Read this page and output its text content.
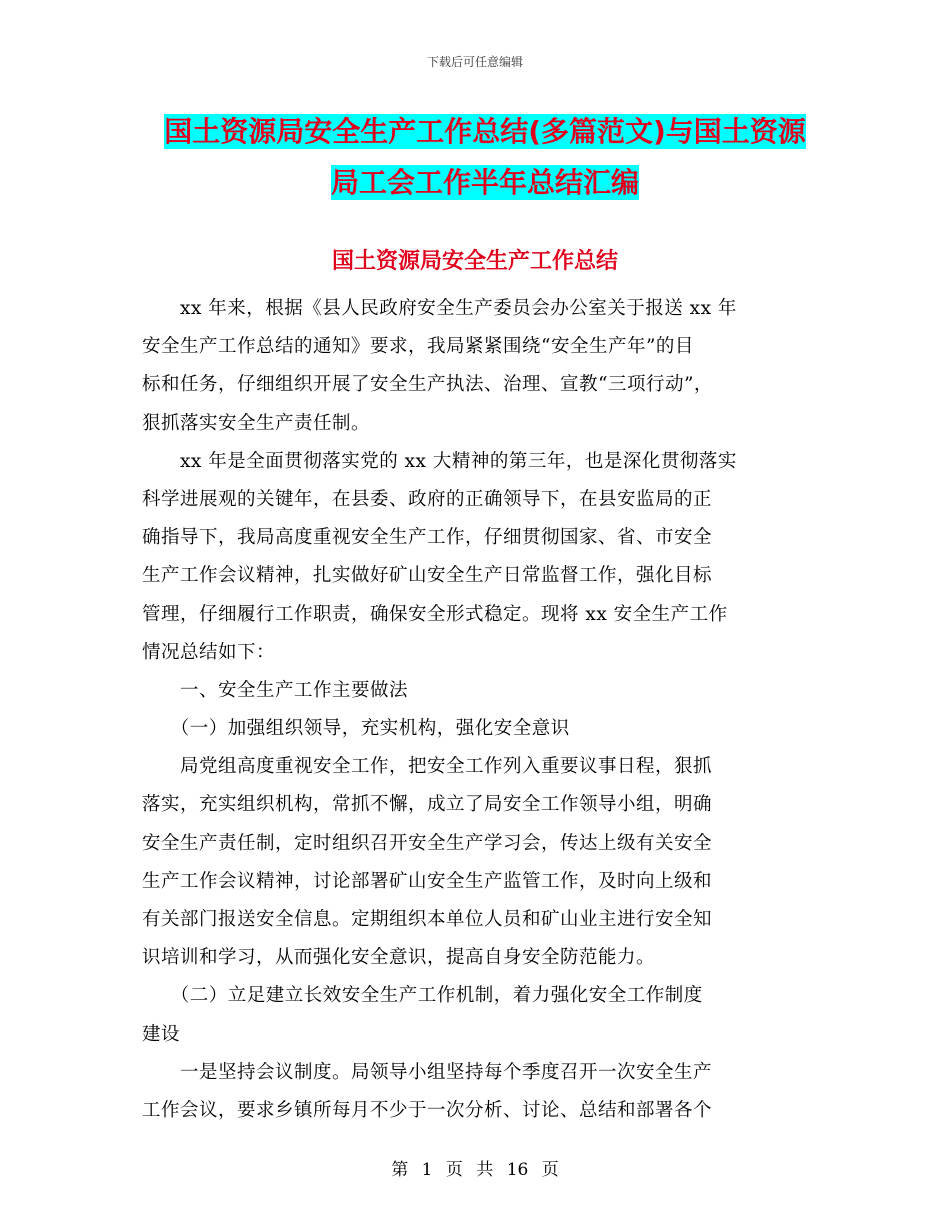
下载后可任意编辑
国土资源局安全生产工作总结(多篇范文)与国土资源
局工会工作半年总结汇编
国土资源局安全生产工作总结
　　xx 年来，根据《县人民政府安全生产委员会办公室关于报送 xx 年
安全生产工作总结的通知》要求，我局紧紧围绕“安全生产年”的目
标和任务，仔细组织开展了安全生产执法、治理、宣教“三项行动”，
狠抓落实安全生产责任制。
　　xx 年是全面贯彻落实党的 xx 大精神的第三年，也是深化贯彻落实
科学进展观的关键年，在县委、政府的正确领导下，在县安监局的正
确指导下，我局高度重视安全生产工作，仔细贯彻国家、省、市安全
生产工作会议精神，扎实做好矿山安全生产日常监督工作，强化目标
管理，仔细履行工作职责，确保安全形式稳定。现将 xx 安全生产工作
情况总结如下：
　　一、安全生产工作主要做法
　　（一）加强组织领导，充实机构，强化安全意识
　　局党组高度重视安全工作，把安全工作列入重要议事日程，狠抓
落实，充实组织机构，常抓不懈，成立了局安全工作领导小组，明确
安全生产责任制，定时组织召开安全生产学习会，传达上级有关安全
生产工作会议精神，讨论部署矿山安全生产监管工作，及时向上级和
有关部门报送安全信息。定期组织本单位人员和矿山业主进行安全知
识培训和学习，从而强化安全意识，提高自身安全防范能力。
　　（二）立足建立长效安全生产工作机制，着力强化安全工作制度
建设
　　一是坚持会议制度。局领导小组坚持每个季度召开一次安全生产
工作会议，要求乡镇所每月不少于一次分析、讨论、总结和部署各个
第 1 页 共 16 页
